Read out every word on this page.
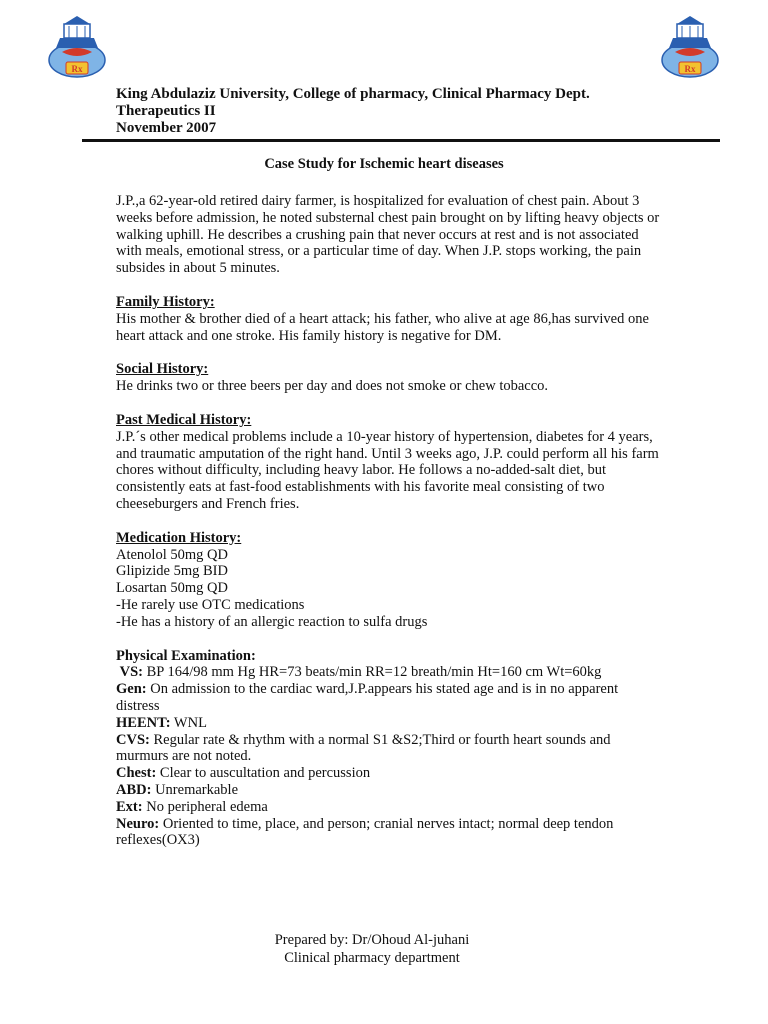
Rx	Rx
King Abdulaziz University, College of pharmacy, Clinical Pharmacy Dept.
Therapeutics II
November 2007
Case Study for Ischemic heart diseases

J.P.,a 62-year-old retired dairy farmer, is hospitalized for evaluation of chest pain. About 3 weeks before admission, he noted substernal chest pain brought on by lifting heavy objects or walking uphill. He describes a crushing pain that never occurs at rest and is not associated with meals, emotional stress, or a particular time of day. When J.P. stops working, the pain subsides in about 5 minutes.

Family History:

His mother & brother died of a heart attack; his father, who alive at age 86,has survived one heart attack and one stroke. His family history is negative for DM.

Social History:

He drinks two or three beers per day and does not smoke or chew tobacco.

Past Medical History:

J.P.´s other medical problems include a 10-year history of hypertension, diabetes for 4 years, and traumatic amputation of the right hand. Until 3 weeks ago, J.P. could perform all his farm chores without difficulty, including heavy labor. He follows a no-added-salt diet, but consistently eats at fast-food establishments with his favorite meal consisting of two cheeseburgers and French fries.

Medication History:

Atenolol 50mg QD

Glipizide 5mg BID

Losartan 50mg QD

-He rarely use OTC medications

-He has a history of an allergic reaction to sulfa drugs

Physical Examination:

VS: BP 164/98 mm Hg HR=73 beats/min RR=12 breath/min Ht=160 cm Wt=60kg

Gen: On admission to the cardiac ward,J.P.appears his stated age and is in no apparent distress

HEENT: WNL

CVS: Regular rate & rhythm with a normal S1 &S2;Third or fourth heart sounds and murmurs are not noted.

Chest: Clear to auscultation and percussion

ABD: Unremarkable

Ext: No peripheral edema

Neuro: Oriented to time, place, and person; cranial nerves intact; normal deep tendon reflexes(OX3)

Prepared by: Dr/Ohoud Al-juhani
Clinical pharmacy department
